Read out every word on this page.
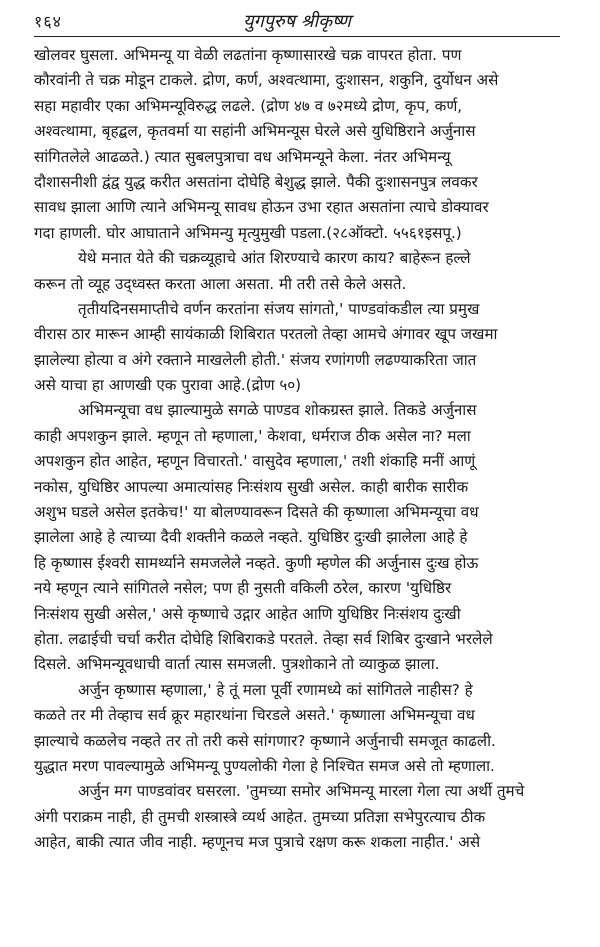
१६४	युगपुरुष श्रीकृष्ण
खोलवर घुसला. अभिमन्यू या वेळी लढतांना कृष्णासारखे चक्र वापरत होता. पण
कौरवांनी ते चक्र मोडून टाकले. द्रोण, कर्ण, अश्वत्थामा, दुःशासन, शकुनि, दुर्योधन असे
सहा महावीर एका अभिमन्यूविरुद्ध लढले. (द्रोण ४७ व ७२मध्ये द्रोण, कृप, कर्ण,
अश्वत्थामा, बृहद्बल, कृतवर्मा या सहांनी अभिमन्यूस घेरले असे युधिष्ठिराने अर्जुनास
सांगितलेले आढळते.) त्यात सुबलपुत्राचा वध अभिमन्यूने केला. नंतर अभिमन्यू
दौशासनीशी द्वंद्व युद्ध करीत असतांना दोघेहि बेशुद्ध झाले. पैकी दुःशासनपुत्र लवकर
सावध झाला आणि त्याने अभिमन्यू सावध होऊन उभा रहात असतांना त्याचे डोक्यावर
गदा हाणली. घोर आघाताने अभिमन्यु मृत्युमुखी पडला.(२८ऑक्टो. ५५६१इसपू.)
येथे मनात येते की चक्रव्यूहाचे आंत शिरण्याचे कारण काय? बाहेरून हल्ले
करून तो व्यूह उद्ध्वस्त करता आला असता. मी तरी तसे केले असते.
तृतीयदिनसमाप्तीचे वर्णन करतांना संजय सांगतो,' पाण्डवांकडील त्या प्रमुख
वीरास ठार मारून आम्ही सायंकाळी शिबिरात परतलो तेव्हा आमचे अंगावर खूप जखमा
झालेल्या होत्या व अंगे रक्ताने माखलेली होती.' संजय रणांगणी लढण्याकरिता जात
असे याचा हा आणखी एक पुरावा आहे.(द्रोण ५०)
अभिमन्यूचा वध झाल्यामुळे सगळे पाण्डव शोकग्रस्त झाले. तिकडे अर्जुनास
काही अपशकुन झाले. म्हणून तो म्हणाला,' केशवा, धर्मराज ठीक असेल ना? मला
अपशकुन होत आहेत, म्हणून विचारतो.' वासुदेव म्हणाला,' तशी शंकाहि मनीं आणूं
नकोस, युधिष्ठिर आपल्या अमात्यांसह निःसंशय सुखी असेल. काही बारीक सारीक
अशुभ घडले असेल इतकेच!' या बोलण्यावरून दिसते की कृष्णाला अभिमन्यूचा वध
झालेला आहे हे त्याच्या दैवी शक्तीने कळले नव्हते. युधिष्ठिर दुःखी झालेला आहे हे
हि कृष्णास ईश्वरी सामर्थ्याने समजलेले नव्हते. कुणी म्हणेल की अर्जुनास दुःख होऊ
नये म्हणून त्याने सांगितले नसेल; पण ही नुसती वकिली ठरेल, कारण 'युधिष्ठिर
निःसंशय सुखी असेल,' असे कृष्णाचे उद्गार आहेत आणि युधिष्ठिर निःसंशय दुःखी
होता. लढाईची चर्चा करीत दोघेहि शिबिराकडे परतले. तेव्हा सर्व शिबिर दुःखाने भरलेले
दिसले. अभिमन्यूवधाची वार्ता त्यास समजली. पुत्रशोकाने तो व्याकुळ झाला.
अर्जुन कृष्णास म्हणाला,' हे तूं मला पूर्वी रणामध्ये कां सांगितले नाहीस? हे
कळते तर मी तेव्हाच सर्व क्रूर महारथांना चिरडले असते.' कृष्णाला अभिमन्यूचा वध
झाल्याचे कळलेच नव्हते तर तो तरी कसे सांगणार? कृष्णाने अर्जुनाची समजूत काढली.
युद्धात मरण पावल्यामुळे अभिमन्यू पुण्यलोकी गेला हे निश्चित समज असे तो म्हणाला.
अर्जुन मग पाण्डवांवर घसरला. 'तुमच्या समोर अभिमन्यू मारला गेला त्या अर्थी तुमचे
अंगी पराक्रम नाही, ही तुमची शस्त्रास्त्रे व्यर्थ आहेत. तुमच्या प्रतिज्ञा सभेपुरत्याच ठीक
आहेत, बाकी त्यात जीव नाही. म्हणूनच मज पुत्राचे रक्षण करू शकला नाहीत.' असे
